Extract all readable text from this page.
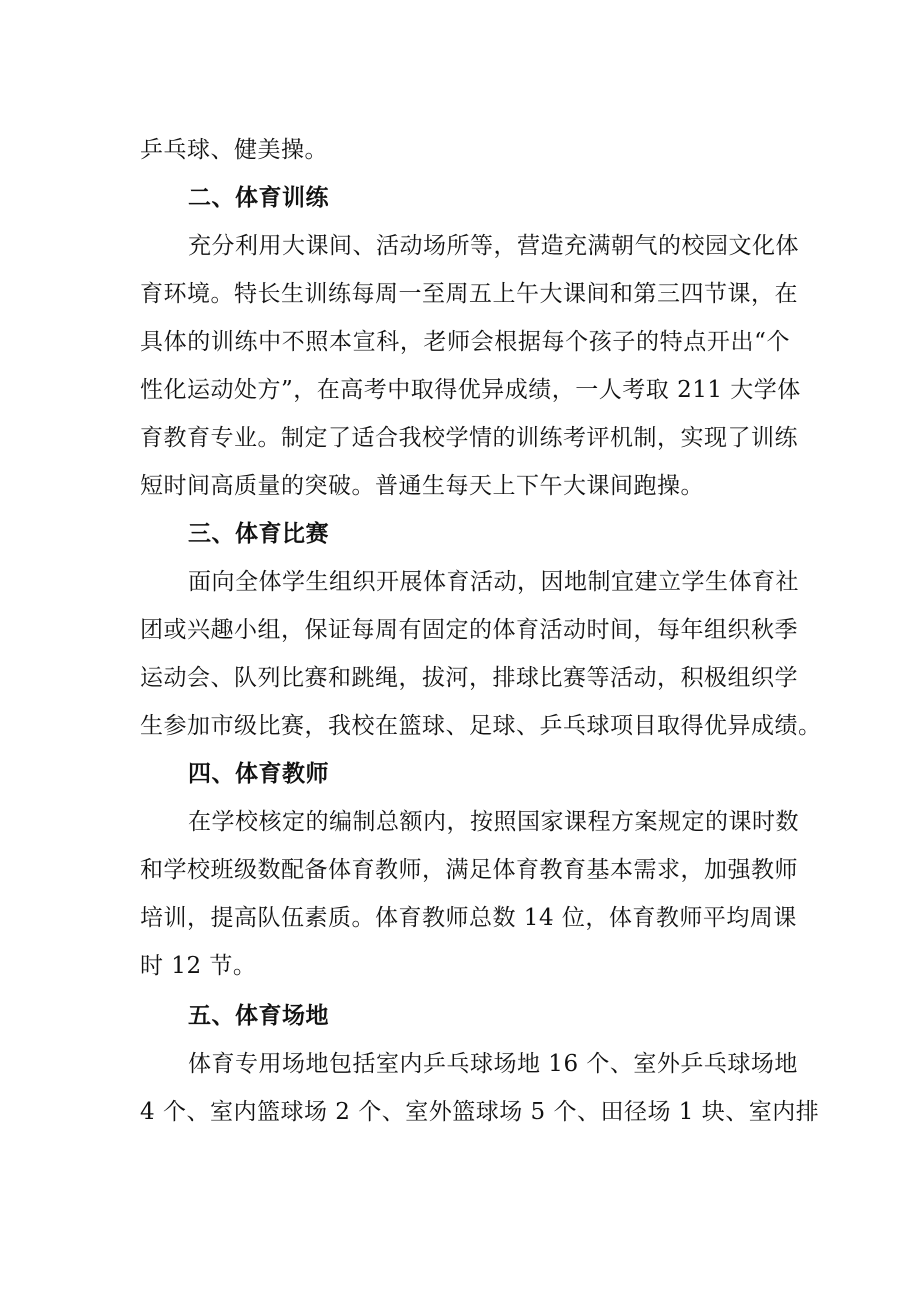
乒乓球、健美操。
二、体育训练
充分利用大课间、活动场所等，营造充满朝气的校园文化体
育环境。特长生训练每周一至周五上午大课间和第三四节课，在
具体的训练中不照本宣科，老师会根据每个孩子的特点开出“个
性化运动处方”，在高考中取得优异成绩，一人考取 211 大学体
育教育专业。制定了适合我校学情的训练考评机制，实现了训练
短时间高质量的突破。普通生每天上下午大课间跑操。
三、体育比赛
面向全体学生组织开展体育活动，因地制宜建立学生体育社
团或兴趣小组，保证每周有固定的体育活动时间，每年组织秋季
运动会、队列比赛和跳绳，拔河，排球比赛等活动，积极组织学
生参加市级比赛，我校在篮球、足球、乒乓球项目取得优异成绩。
四、体育教师
在学校核定的编制总额内，按照国家课程方案规定的课时数
和学校班级数配备体育教师，满足体育教育基本需求，加强教师
培训，提高队伍素质。体育教师总数 14 位，体育教师平均周课
时 12 节。
五、体育场地
体育专用场地包括室内乒乓球场地 16 个、室外乒乓球场地
4 个、室内篮球场 2 个、室外篮球场 5 个、田径场 1 块、室内排
